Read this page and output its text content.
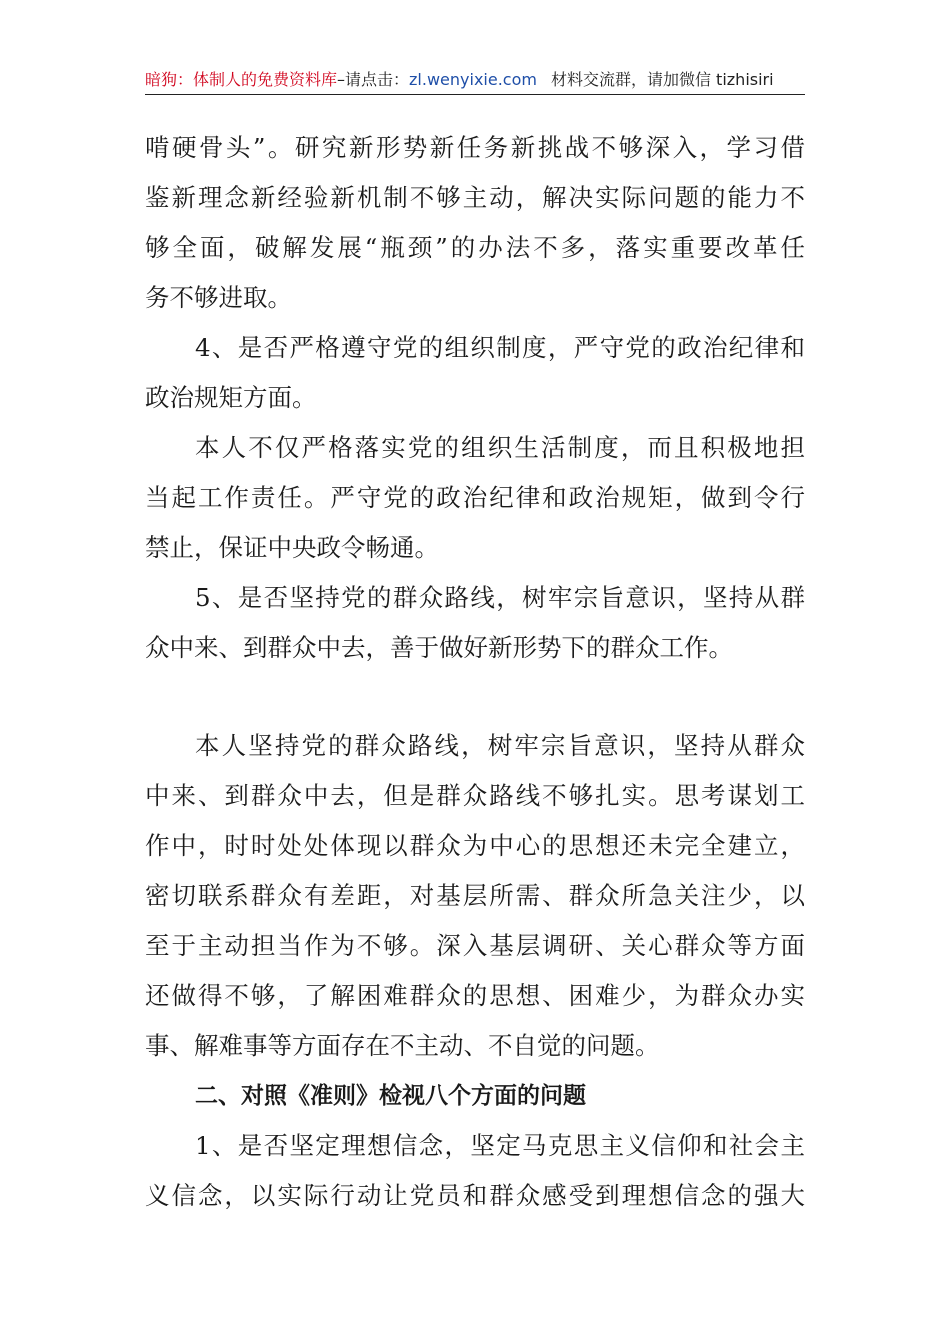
暗狗：体制人的免费资料库–请点击：zl.wenyixie.com 材料交流群，请加微信 tizhisiri
啃硬骨头”。研究新形势新任务新挑战不够深入，学习借
鉴新理念新经验新机制不够主动，解决实际问题的能力不
够全面，破解发展“瓶颈”的办法不多，落实重要改革任
务不够进取。
4、是否严格遵守党的组织制度，严守党的政治纪律和
政治规矩方面。
本人不仅严格落实党的组织生活制度，而且积极地担
当起工作责任。严守党的政治纪律和政治规矩，做到令行
禁止，保证中央政令畅通。
5、是否坚持党的群众路线，树牢宗旨意识，坚持从群
众中来、到群众中去，善于做好新形势下的群众工作。
本人坚持党的群众路线，树牢宗旨意识，坚持从群众
中来、到群众中去，但是群众路线不够扎实。思考谋划工
作中，时时处处体现以群众为中心的思想还未完全建立，
密切联系群众有差距，对基层所需、群众所急关注少，以
至于主动担当作为不够。深入基层调研、关心群众等方面
还做得不够，了解困难群众的思想、困难少，为群众办实
事、解难事等方面存在不主动、不自觉的问题。
二、对照《准则》检视八个方面的问题
1、是否坚定理想信念，坚定马克思主义信仰和社会主
义信念，以实际行动让党员和群众感受到理想信念的强大
